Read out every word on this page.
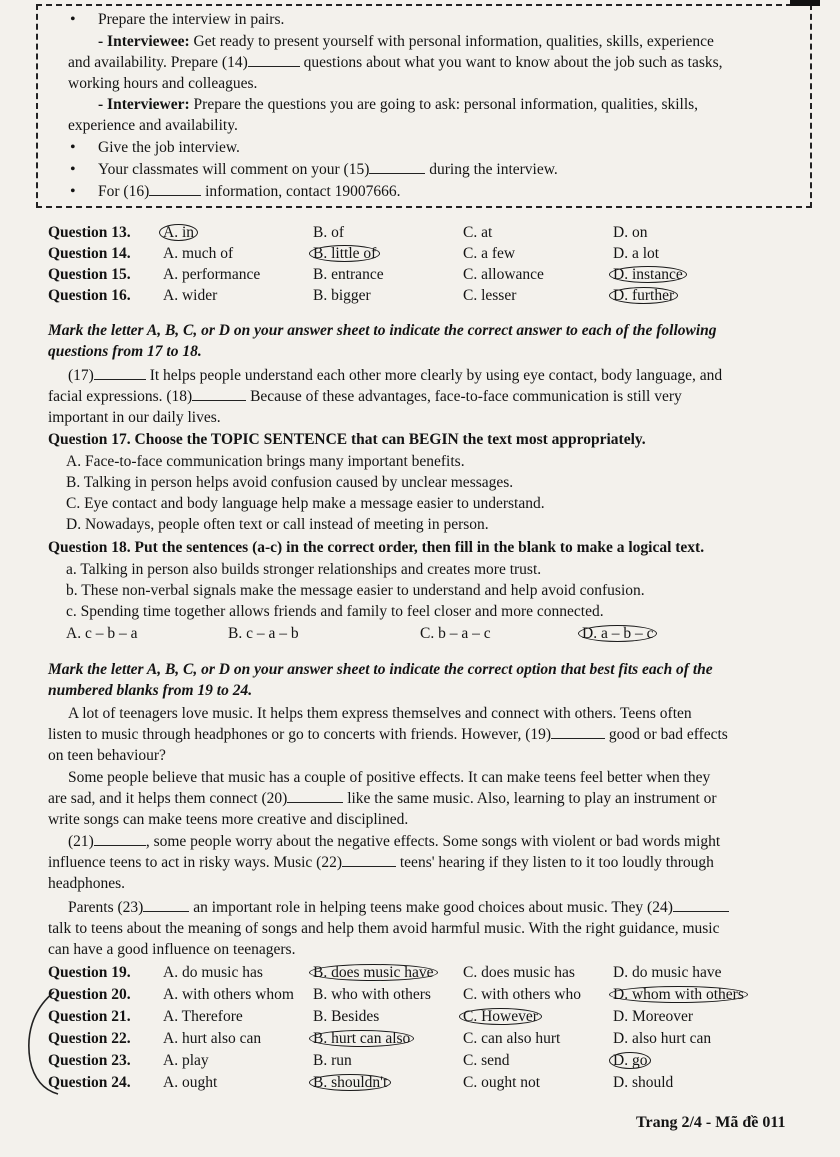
• Prepare the interview in pairs.
- Interviewee: Get ready to present yourself with personal information, qualities, skills, experience
and availability. Prepare (14)	questions about what you want to know about the job such as tasks,
working hours and colleagues.
- Interviewer: Prepare the questions you are going to ask: personal information, qualities, skills,
experience and availability.
• Give the job interview.
• Your classmates will comment on your (15)	during the interview.
• For (16)	information, contact 19007666.
Question 13. A. in	B. of	C. at	D. on
Question 14. A. much of	B. little of	C. a few	D. a lot
Question 15. A. performance	B. entrance	C. allowance	D. instance
Question 16. A. wider	B. bigger	C. lesser	D. further
Mark the letter A, B, C, or D on your answer sheet to indicate the correct answer to each of the following
questions from 17 to 18.
(17)	It helps people understand each other more clearly by using eye contact, body language, and
facial expressions. (18)	Because of these advantages, face-to-face communication is still very
important in our daily lives.
Question 17. Choose the TOPIC SENTENCE that can BEGIN the text most appropriately.
A. Face-to-face communication brings many important benefits.
B. Talking in person helps avoid confusion caused by unclear messages.
C. Eye contact and body language help make a message easier to understand.
D. Nowadays, people often text or call instead of meeting in person.
Question 18. Put the sentences (a-c) in the correct order, then fill in the blank to make a logical text.
a. Talking in person also builds stronger relationships and creates more trust.
b. These non-verbal signals make the message easier to understand and help avoid confusion.
c. Spending time together allows friends and family to feel closer and more connected.
A. c – b – a	B. c – a – b	C. b – a – c	D. a – b – c
Mark the letter A, B, C, or D on your answer sheet to indicate the correct option that best fits each of the
numbered blanks from 19 to 24.
A lot of teenagers love music. It helps them express themselves and connect with others. Teens often
listen to music through headphones or go to concerts with friends. However, (19)	good or bad effects
on teen behaviour?
Some people believe that music has a couple of positive effects. It can make teens feel better when they
are sad, and it helps them connect (20)	like the same music. Also, learning to play an instrument or
write songs can make teens more creative and disciplined.
(21)	, some people worry about the negative effects. Some songs with violent or bad words might
influence teens to act in risky ways. Music (22)	teens' hearing if they listen to it too loudly through
headphones.
Parents (23)	an important role in helping teens make good choices about music. They (24)
talk to teens about the meaning of songs and help them avoid harmful music. With the right guidance, music
can have a good influence on teenagers.
Question 19. A. do music has	B. does music have C. does music has D. do music have
Question 20. A. with others whom B. who with others C. with others who D. whom with others
Question 21. A. Therefore	B. Besides	C. However	D. Moreover
Question 22. A. hurt also can	B. hurt can also	C. can also hurt	D. also hurt can
Question 23. A. play	B. run	C. send	D. go
Question 24. A. ought	B. shouldn't	C. ought not	D. should
Trang 2/4 - Mã đề 011
